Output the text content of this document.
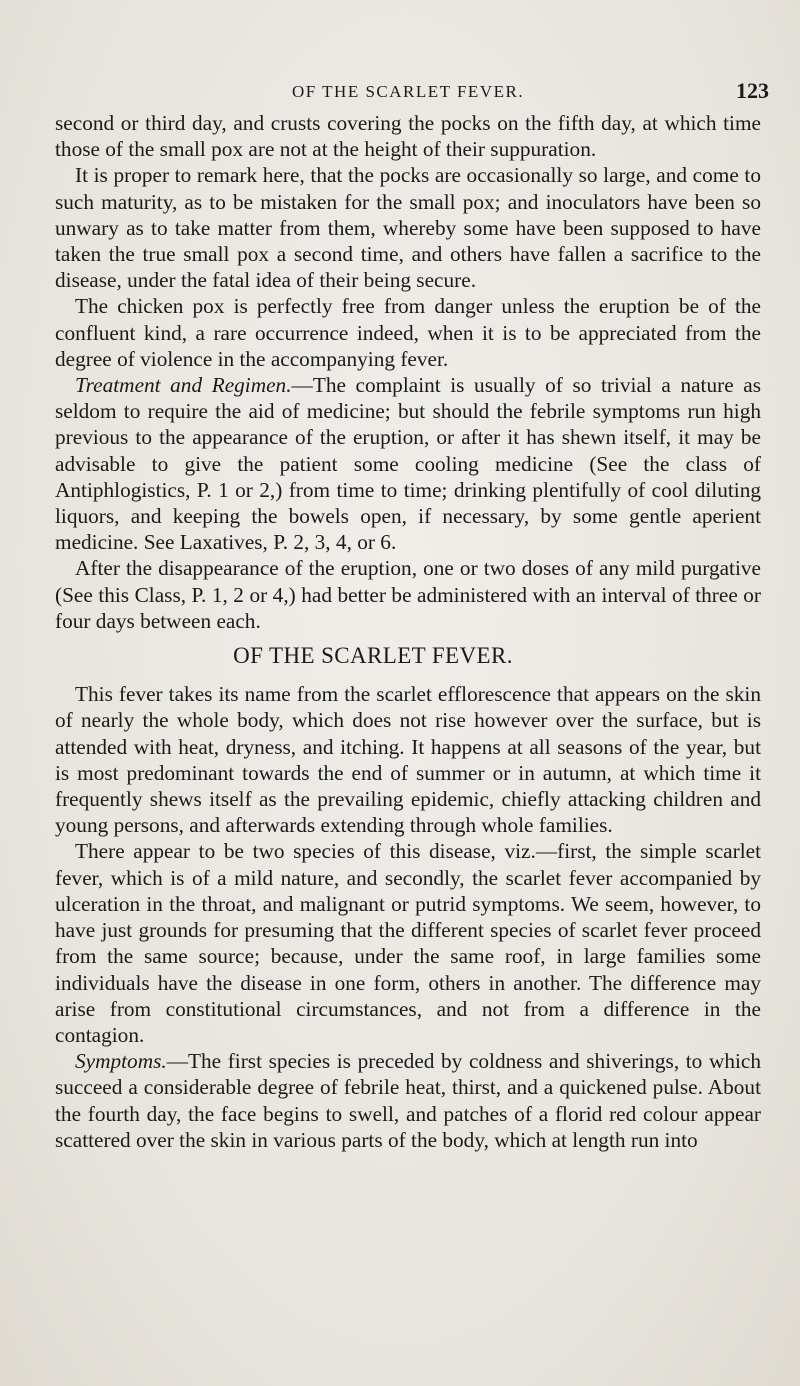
OF THE SCARLET FEVER.	123

second or third day, and crusts covering the pocks on the fifth day, at which time those of the small pox are not at the height of their suppuration.

It is proper to remark here, that the pocks are occasionally so large, and come to such maturity, as to be mistaken for the small pox; and inoculators have been so unwary as to take matter from them, whereby some have been supposed to have taken the true small pox a second time, and others have fallen a sacrifice to the disease, under the fatal idea of their being secure.

The chicken pox is perfectly free from danger unless the eruption be of the confluent kind, a rare occurrence indeed, when it is to be appreciated from the degree of violence in the accompanying fever.

Treatment and Regimen.—The complaint is usually of so trivial a nature as seldom to require the aid of medicine; but should the febrile symptoms run high previous to the appearance of the eruption, or after it has shewn itself, it may be advisable to give the patient some cooling medicine (See the class of Antiphlogistics, P. 1 or 2,) from time to time; drinking plentifully of cool diluting liquors, and keeping the bowels open, if necessary, by some gentle aperient medicine. See Laxatives, P. 2, 3, 4, or 6.

After the disappearance of the eruption, one or two doses of any mild purgative (See this Class, P. 1, 2 or 4,) had better be administered with an interval of three or four days between each.

OF THE SCARLET FEVER.

This fever takes its name from the scarlet efflorescence that appears on the skin of nearly the whole body, which does not rise however over the surface, but is attended with heat, dryness, and itching. It happens at all seasons of the year, but is most predominant towards the end of summer or in autumn, at which time it frequently shews itself as the prevailing epidemic, chiefly attacking children and young persons, and afterwards extending through whole families.

There appear to be two species of this disease, viz.—first, the simple scarlet fever, which is of a mild nature, and secondly, the scarlet fever accompanied by ulceration in the throat, and malignant or putrid symptoms. We seem, however, to have just grounds for presuming that the different species of scarlet fever proceed from the same source; because, under the same roof, in large families some individuals have the disease in one form, others in another. The difference may arise from constitutional circumstances, and not from a difference in the contagion.

Symptoms.—The first species is preceded by coldness and shiverings, to which succeed a considerable degree of febrile heat, thirst, and a quickened pulse. About the fourth day, the face begins to swell, and patches of a florid red colour appear scattered over the skin in various parts of the body, which at length run into
